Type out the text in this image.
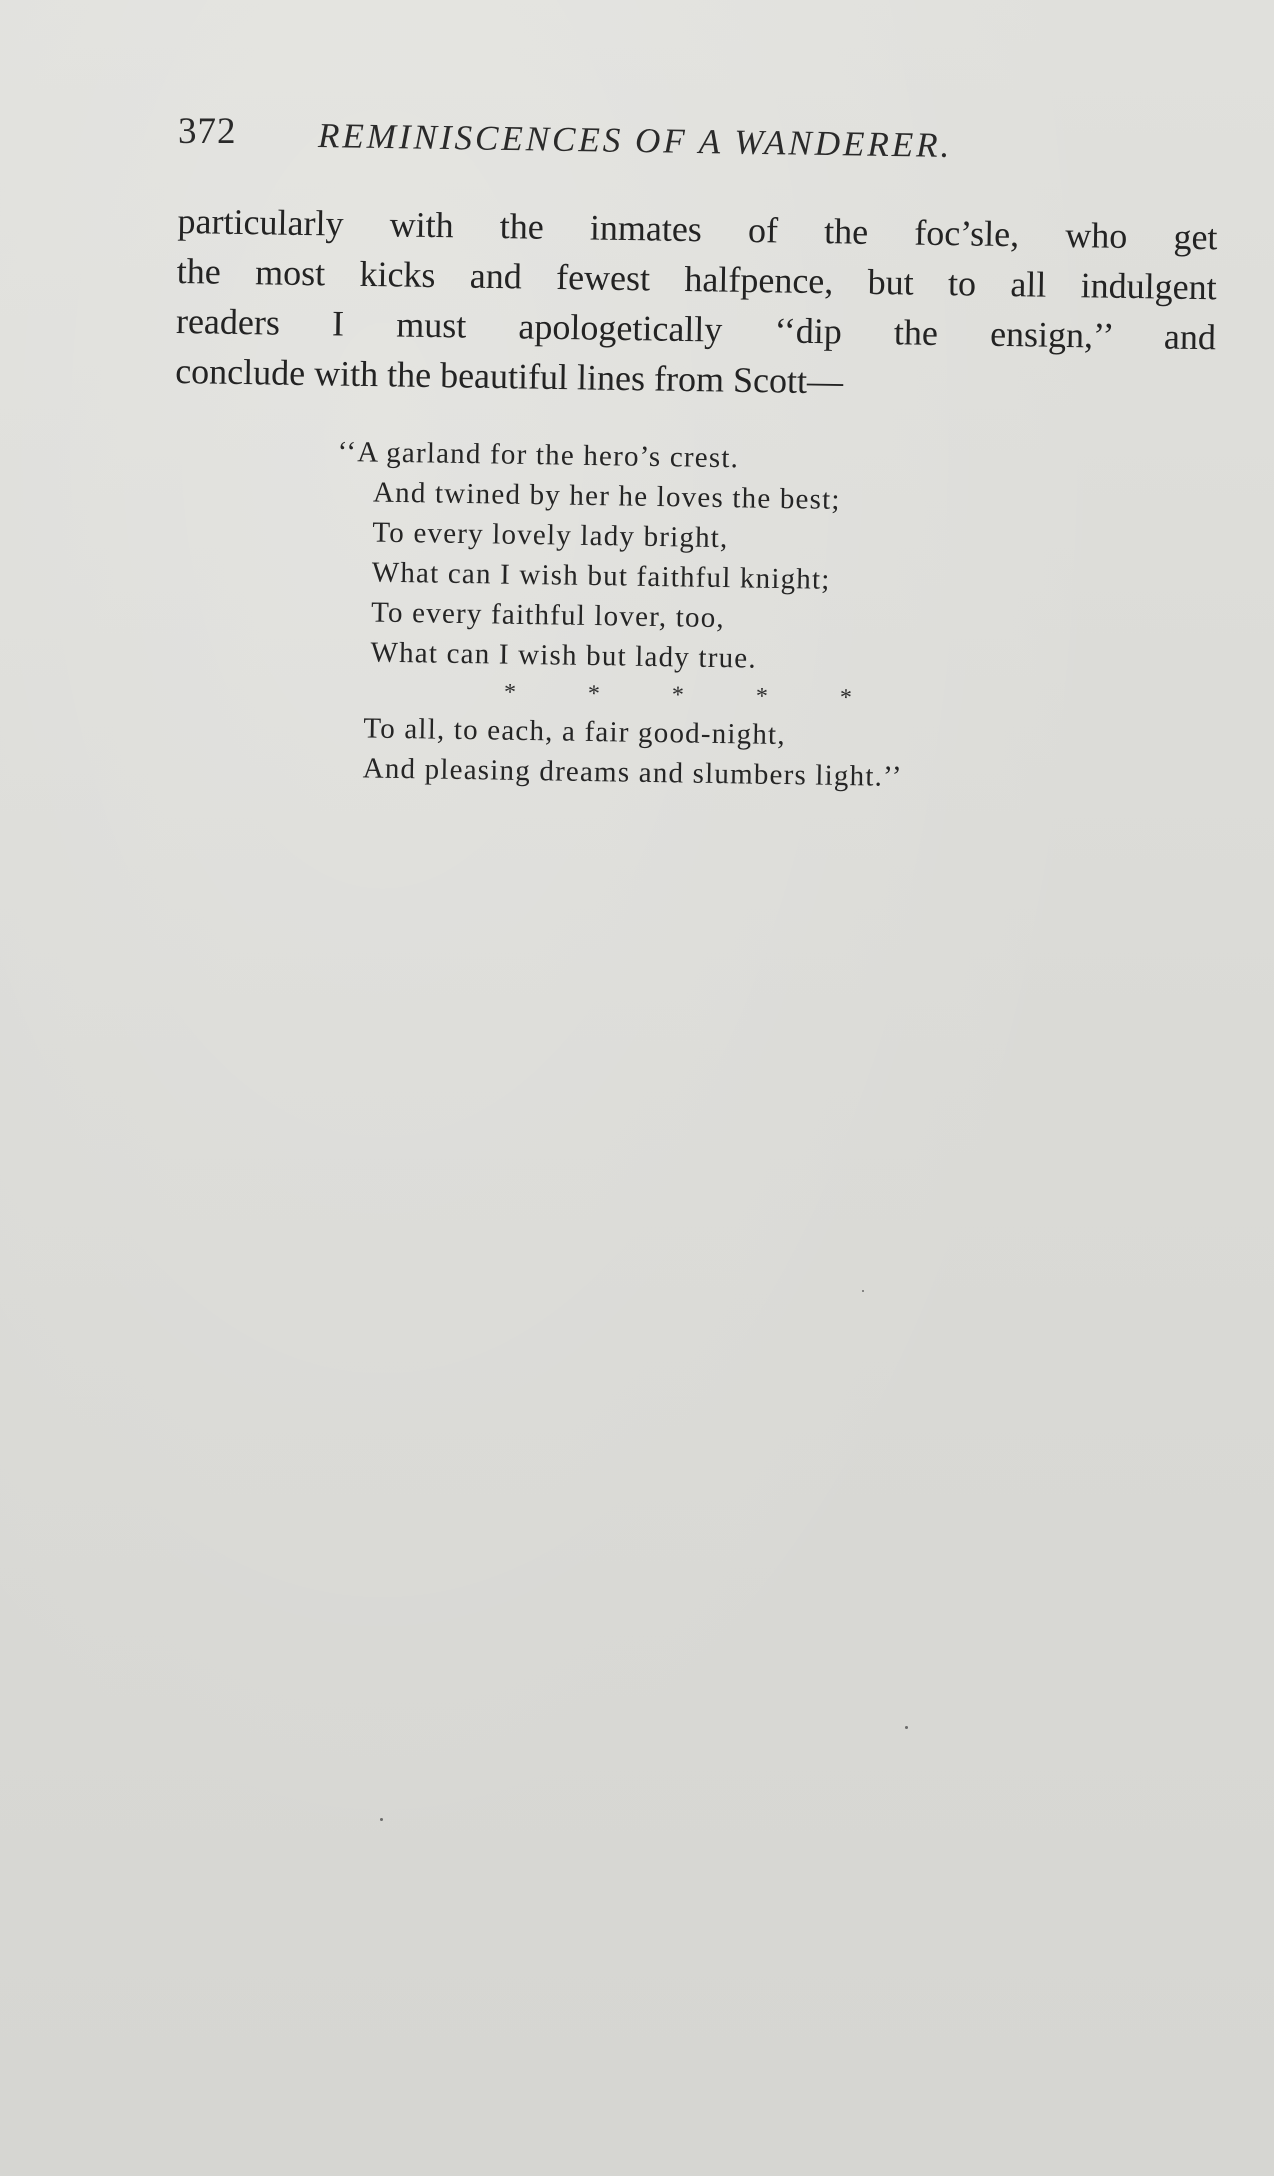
372 REMINISCENCES OF A WANDERER.
particularly with the inmates of the foc’sle, who get
the most kicks and fewest halfpence, but to all indulgent
readers I must apologetically ‘‘dip the ensign,’’ and
conclude with the beautiful lines from Scott—
‘‘A garland for the hero’s crest.
And twined by her he loves the best;
To every lovely lady bright,
What can I wish but faithful knight;
To every faithful lover, too,
What can I wish but lady true.
*	*	*	*	*
To all, to each, a fair good-night,
And pleasing dreams and slumbers light.’’
